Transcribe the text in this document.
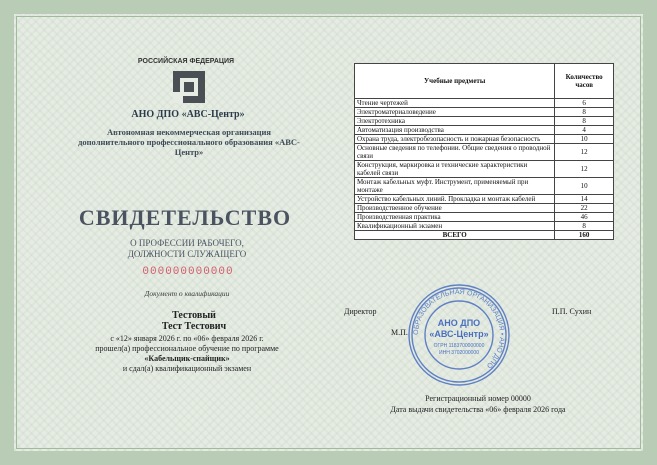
РОССИЙСКАЯ ФЕДЕРАЦИЯ
АНО ДПО «АВС-Центр»
Автономная некоммерческая организация дополнительного профессионального образования «АВС-Центр»
СВИДЕТЕЛЬСТВО
О ПРОФЕССИИ РАБОЧЕГО, ДОЛЖНОСТИ СЛУЖАЩЕГО
000000000000
Документ о квалификации
Тестовый
Тест Тестович
с «12» января 2026 г. по «06» февраля 2026 г.
прошел(а) профессиональное обучение по программе
«Кабельщик-спайщик»
и сдал(а) квалификационный экзамен
Учебные предметы	Количество часов
Чтение чертежей	6
Электроматериаловедение	8
Электротехника	8
Автоматизация производства	4
Охрана труда, электробезопасность и пожарная безопасность	10
Основные сведения по телефонии. Общие сведения о проводной связи	12
Конструкция, маркировка и технические характеристики кабелей связи	12
Монтаж кабельных муфт. Инструмент, применяемый при монтаже	10
Устройство кабельных линий. Прокладка и монтаж кабелей	14
Производственное обучение	22
Производственная практика	46
Квалификационный экзамен	8
ВСЕГО	160
Директор	П.П. Сухин
М.П. ОБРАЗОВАТЕЛЬНАЯ ОРГАНИЗАЦИЯ • АНО ДПО
АНО ДПО
«АВС-Центр»
ОГРН 1183700000000
ИНН 3702000000
Регистрационный номер 00000
Дата выдачи свидетельства «06» февраля 2026 года
